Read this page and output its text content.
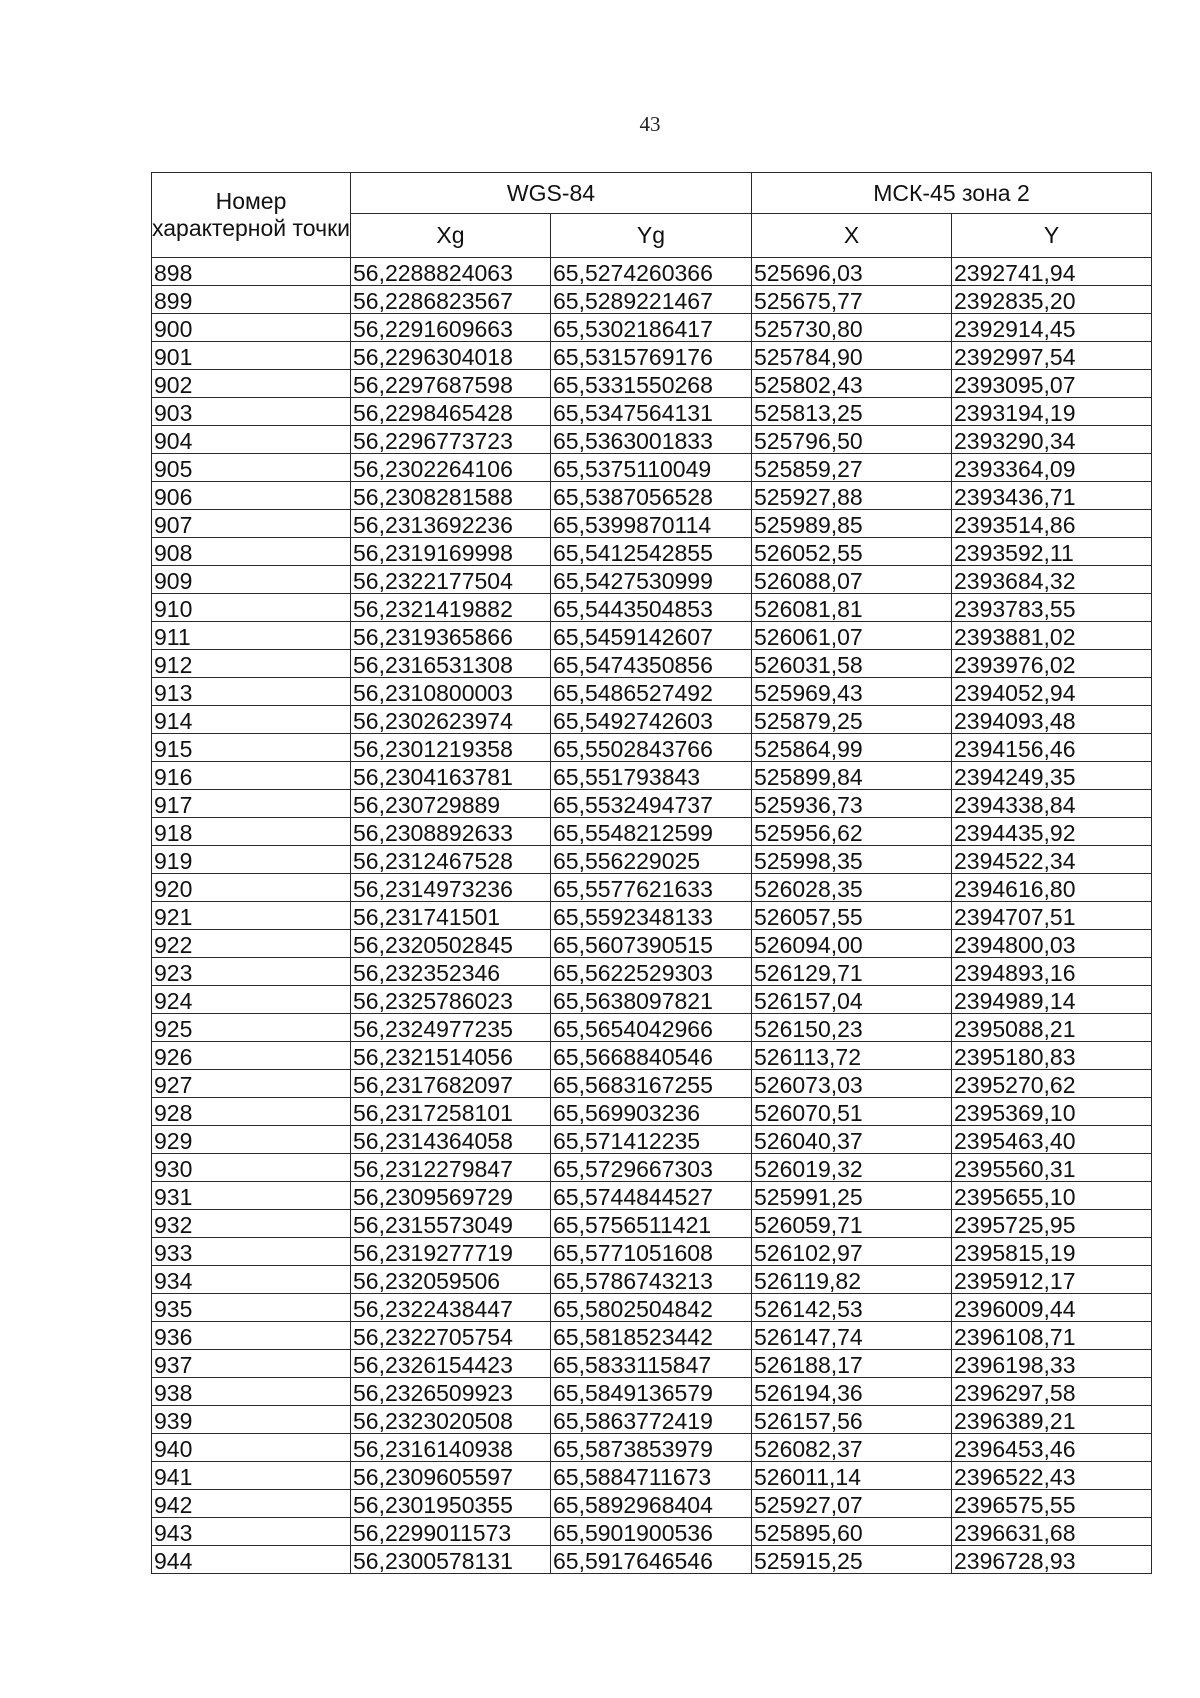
43
Номер характерной точки	WGS-84		МСК-45 зона 2	
	Xg	Yg	X	Y
898	56,2288824063	65,5274260366	525696,03	2392741,94
899	56,2286823567	65,5289221467	525675,77	2392835,20
900	56,2291609663	65,5302186417	525730,80	2392914,45
901	56,2296304018	65,5315769176	525784,90	2392997,54
902	56,2297687598	65,5331550268	525802,43	2393095,07
903	56,2298465428	65,5347564131	525813,25	2393194,19
904	56,2296773723	65,5363001833	525796,50	2393290,34
905	56,2302264106	65,5375110049	525859,27	2393364,09
906	56,2308281588	65,5387056528	525927,88	2393436,71
907	56,2313692236	65,5399870114	525989,85	2393514,86
908	56,2319169998	65,5412542855	526052,55	2393592,11
909	56,2322177504	65,5427530999	526088,07	2393684,32
910	56,2321419882	65,5443504853	526081,81	2393783,55
911	56,2319365866	65,5459142607	526061,07	2393881,02
912	56,2316531308	65,5474350856	526031,58	2393976,02
913	56,2310800003	65,5486527492	525969,43	2394052,94
914	56,2302623974	65,5492742603	525879,25	2394093,48
915	56,2301219358	65,5502843766	525864,99	2394156,46
916	56,2304163781	65,551793843	525899,84	2394249,35
917	56,230729889	65,5532494737	525936,73	2394338,84
918	56,2308892633	65,5548212599	525956,62	2394435,92
919	56,2312467528	65,556229025	525998,35	2394522,34
920	56,2314973236	65,5577621633	526028,35	2394616,80
921	56,231741501	65,5592348133	526057,55	2394707,51
922	56,2320502845	65,5607390515	526094,00	2394800,03
923	56,232352346	65,5622529303	526129,71	2394893,16
924	56,2325786023	65,5638097821	526157,04	2394989,14
925	56,2324977235	65,5654042966	526150,23	2395088,21
926	56,2321514056	65,5668840546	526113,72	2395180,83
927	56,2317682097	65,5683167255	526073,03	2395270,62
928	56,2317258101	65,569903236	526070,51	2395369,10
929	56,2314364058	65,571412235	526040,37	2395463,40
930	56,2312279847	65,5729667303	526019,32	2395560,31
931	56,2309569729	65,5744844527	525991,25	2395655,10
932	56,2315573049	65,5756511421	526059,71	2395725,95
933	56,2319277719	65,5771051608	526102,97	2395815,19
934	56,232059506	65,5786743213	526119,82	2395912,17
935	56,2322438447	65,5802504842	526142,53	2396009,44
936	56,2322705754	65,5818523442	526147,74	2396108,71
937	56,2326154423	65,5833115847	526188,17	2396198,33
938	56,2326509923	65,5849136579	526194,36	2396297,58
939	56,2323020508	65,5863772419	526157,56	2396389,21
940	56,2316140938	65,5873853979	526082,37	2396453,46
941	56,2309605597	65,5884711673	526011,14	2396522,43
942	56,2301950355	65,5892968404	525927,07	2396575,55
943	56,2299011573	65,5901900536	525895,60	2396631,68
944	56,2300578131	65,5917646546	525915,25	2396728,93
